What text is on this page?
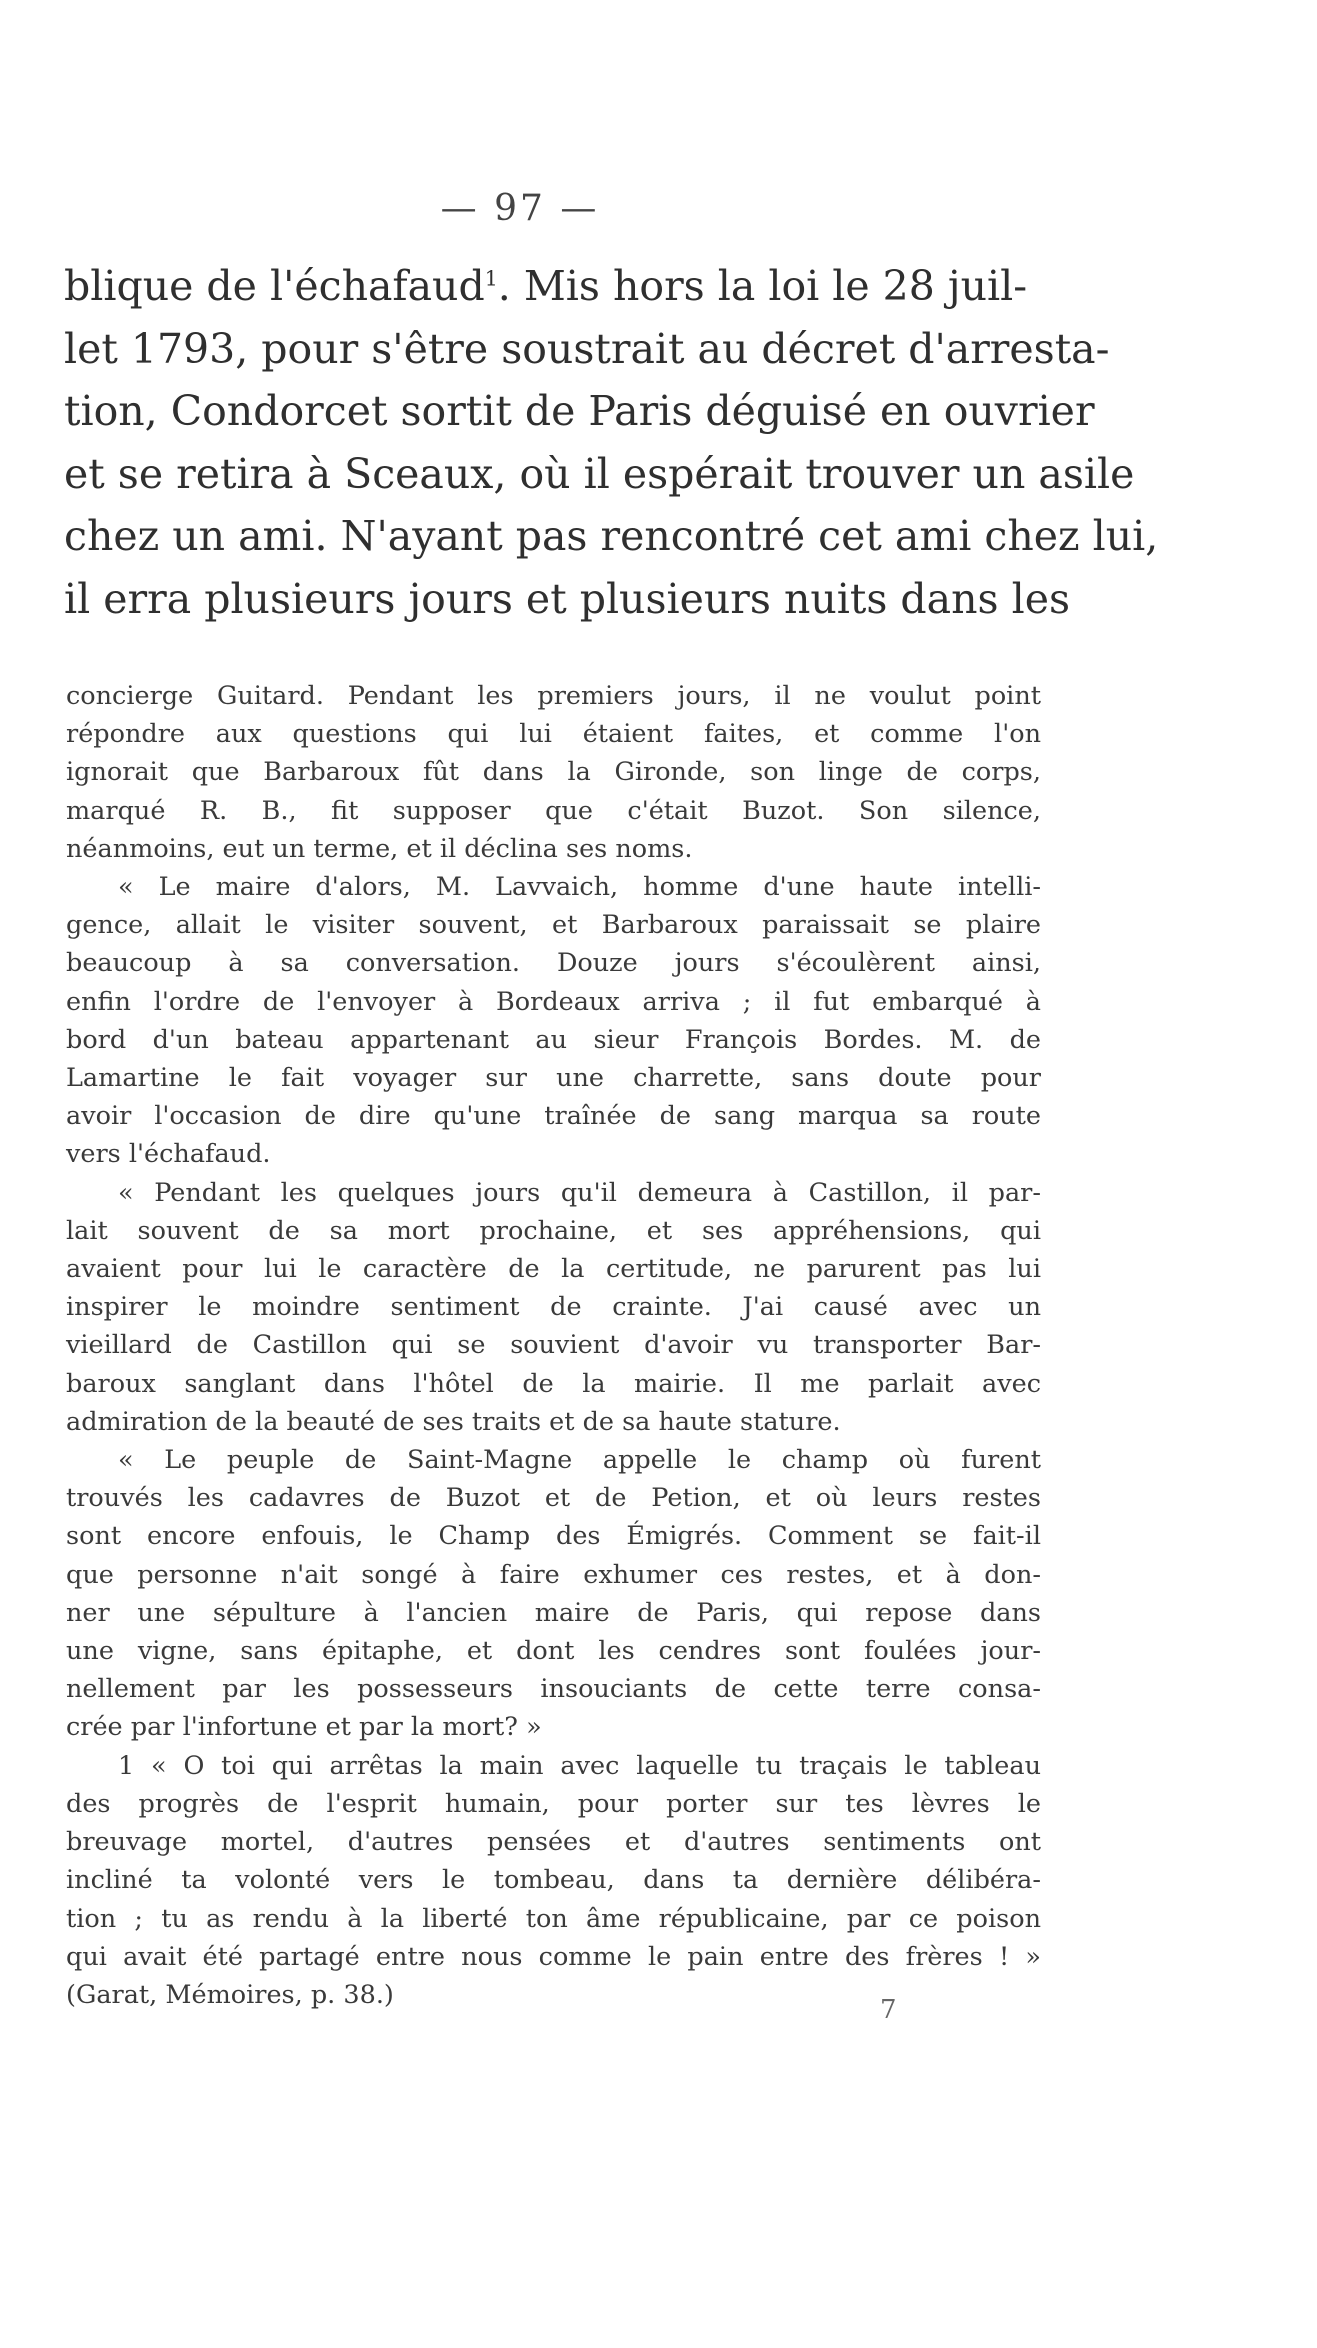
— 97 —
blique de l'échafaud$^1$. Mis hors la loi le 28 juil-
let 1793, pour s'être soustrait au décret d'arresta-
tion, Condorcet sortit de Paris déguisé en ouvrier
et se retira à Sceaux, où il espérait trouver un asile
chez un ami. N'ayant pas rencontré cet ami chez lui,
il erra plusieurs jours et plusieurs nuits dans les
concierge Guitard. Pendant les premiers jours, il ne voulut point
répondre aux questions qui lui étaient faites, et comme l'on
ignorait que Barbaroux fût dans la Gironde, son linge de corps,
marqué R. B., fit supposer que c'était Buzot. Son silence,
néanmoins, eut un terme, et il déclina ses noms.
« Le maire d'alors, M. Lavvaich, homme d'une haute intelli-
gence, allait le visiter souvent, et Barbaroux paraissait se plaire
beaucoup à sa conversation. Douze jours s'écoulèrent ainsi,
enfin l'ordre de l'envoyer à Bordeaux arriva ; il fut embarqué à
bord d'un bateau appartenant au sieur François Bordes. M. de
Lamartine le fait voyager sur une charrette, sans doute pour
avoir l'occasion de dire qu'une traînée de sang marqua sa route
vers l'échafaud.
« Pendant les quelques jours qu'il demeura à Castillon, il par-
lait souvent de sa mort prochaine, et ses appréhensions, qui
avaient pour lui le caractère de la certitude, ne parurent pas lui
inspirer le moindre sentiment de crainte. J'ai causé avec un
vieillard de Castillon qui se souvient d'avoir vu transporter Bar-
baroux sanglant dans l'hôtel de la mairie. Il me parlait avec
admiration de la beauté de ses traits et de sa haute stature.
« Le peuple de Saint-Magne appelle le champ où furent
trouvés les cadavres de Buzot et de Petion, et où leurs restes
sont encore enfouis, le Champ des Émigrés. Comment se fait-il
que personne n'ait songé à faire exhumer ces restes, et à don-
ner une sépulture à l'ancien maire de Paris, qui repose dans
une vigne, sans épitaphe, et dont les cendres sont foulées jour-
nellement par les possesseurs insouciants de cette terre consa-
crée par l'infortune et par la mort? »
1 « O toi qui arrêtas la main avec laquelle tu traçais le tableau
des progrès de l'esprit humain, pour porter sur tes lèvres le
breuvage mortel, d'autres pensées et d'autres sentiments ont
incliné ta volonté vers le tombeau, dans ta dernière délibéra-
tion ; tu as rendu à la liberté ton âme républicaine, par ce poison
qui avait été partagé entre nous comme le pain entre des frères ! »
(Garat, Mémoires, p. 38.)
7
